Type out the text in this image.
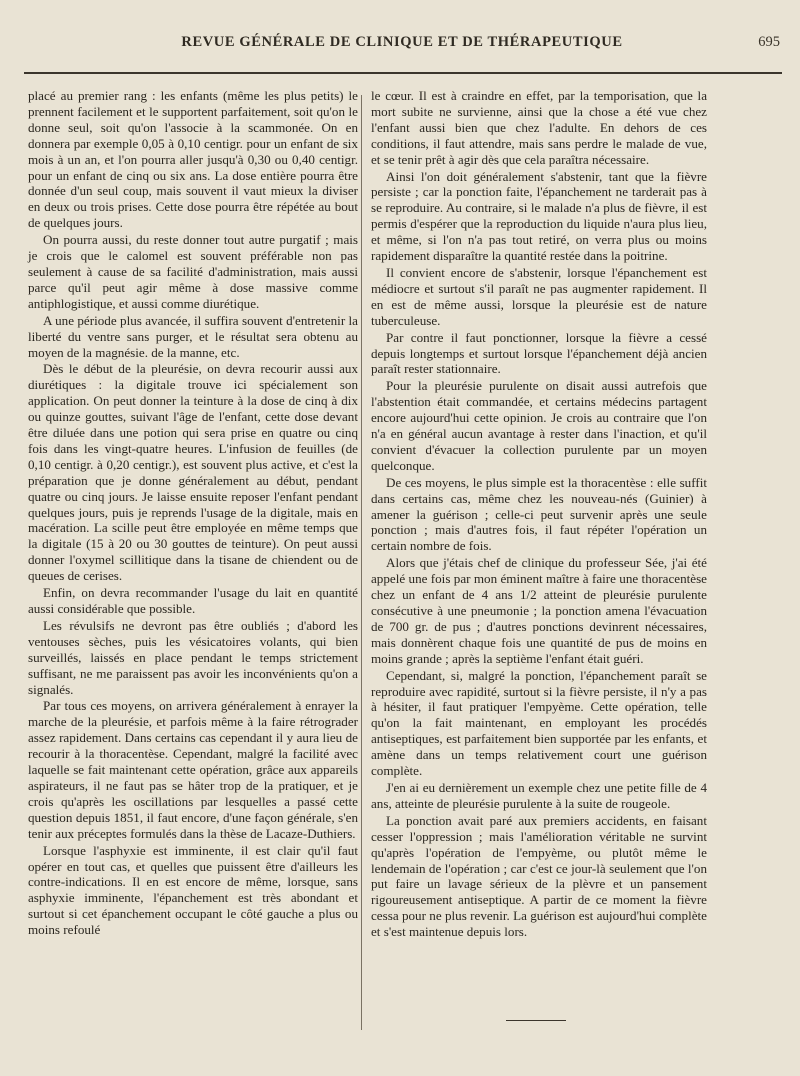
REVUE GÉNÉRALE DE CLINIQUE ET DE THÉRAPEUTIQUE	695

placé au premier rang : les enfants (même les plus petits) le prennent facilement et le supportent parfaitement, soit qu'on le donne seul, soit qu'on l'associe à la scammonée. On en donnera par exemple 0,05 à 0,10 centigr. pour un enfant de six mois à un an, et l'on pourra aller jusqu'à 0,30 ou 0,40 centigr. pour un enfant de cinq ou six ans. La dose entière pourra être donnée d'un seul coup, mais souvent il vaut mieux la diviser en deux ou trois prises. Cette dose pourra être répétée au bout de quelques jours.

On pourra aussi, du reste donner tout autre purgatif ; mais je crois que le calomel est souvent préférable non pas seulement à cause de sa facilité d'administration, mais aussi parce qu'il peut agir même à dose massive comme antiphlogistique, et aussi comme diurétique.

A une période plus avancée, il suffira souvent d'entretenir la liberté du ventre sans purger, et le résultat sera obtenu au moyen de la magnésie. de la manne, etc.

Dès le début de la pleurésie, on devra recourir aussi aux diurétiques : la digitale trouve ici spécialement son application. On peut donner la teinture à la dose de cinq à dix ou quinze gouttes, suivant l'âge de l'enfant, cette dose devant être diluée dans une potion qui sera prise en quatre ou cinq fois dans les vingt-quatre heures. L'infusion de feuilles (de 0,10 centigr. à 0,20 centigr.), est souvent plus active, et c'est la préparation que je donne généralement au début, pendant quatre ou cinq jours. Je laisse ensuite reposer l'enfant pendant quelques jours, puis je reprends l'usage de la digitale, mais en macération. La scille peut être employée en même temps que la digitale (15 à 20 ou 30 gouttes de teinture). On peut aussi donner l'oxymel scillitique dans la tisane de chiendent ou de queues de cerises.

Enfin, on devra recommander l'usage du lait en quantité aussi considérable que possible.

Les révulsifs ne devront pas être oubliés ; d'abord les ventouses sèches, puis les vésicatoires volants, qui bien surveillés, laissés en place pendant le temps strictement suffisant, ne me paraissent pas avoir les inconvénients qu'on a signalés.

Par tous ces moyens, on arrivera généralement à enrayer la marche de la pleurésie, et parfois même à la faire rétrograder assez rapidement. Dans certains cas cependant il y aura lieu de recourir à la thoracentèse. Cependant, malgré la facilité avec laquelle se fait maintenant cette opération, grâce aux appareils aspirateurs, il ne faut pas se hâter trop de la pratiquer, et je crois qu'après les oscillations par lesquelles a passé cette question depuis 1851, il faut encore, d'une façon générale, s'en tenir aux préceptes formulés dans la thèse de Lacaze-Duthiers.

Lorsque l'asphyxie est imminente, il est clair qu'il faut opérer en tout cas, et quelles que puissent être d'ailleurs les contre-indications. Il en est encore de même, lorsque, sans asphyxie imminente, l'épanchement est très abondant et surtout si cet épanchement occupant le côté gauche a plus ou moins refoulé

le cœur. Il est à craindre en effet, par la temporisation, que la mort subite ne survienne, ainsi que la chose a été vue chez l'enfant aussi bien que chez l'adulte. En dehors de ces conditions, il faut attendre, mais sans perdre le malade de vue, et se tenir prêt à agir dès que cela paraîtra nécessaire.

Ainsi l'on doit généralement s'abstenir, tant que la fièvre persiste ; car la ponction faite, l'épanchement ne tarderait pas à se reproduire. Au contraire, si le malade n'a plus de fièvre, il est permis d'espérer que la reproduction du liquide n'aura plus lieu, et même, si l'on n'a pas tout retiré, on verra plus ou moins rapidement disparaître la quantité restée dans la poitrine.

Il convient encore de s'abstenir, lorsque l'épanchement est médiocre et surtout s'il paraît ne pas augmenter rapidement. Il en est de même aussi, lorsque la pleurésie est de nature tuberculeuse.

Par contre il faut ponctionner, lorsque la fièvre a cessé depuis longtemps et surtout lorsque l'épanchement déjà ancien paraît rester stationnaire.

Pour la pleurésie purulente on disait aussi autrefois que l'abstention était commandée, et certains médecins partagent encore aujourd'hui cette opinion. Je crois au contraire que l'on n'a en général aucun avantage à rester dans l'inaction, et qu'il convient d'évacuer la collection purulente par un moyen quelconque.

De ces moyens, le plus simple est la thoracentèse : elle suffit dans certains cas, même chez les nouveau-nés (Guinier) à amener la guérison ; celle-ci peut survenir après une seule ponction ; mais d'autres fois, il faut répéter l'opération un certain nombre de fois.

Alors que j'étais chef de clinique du professeur Sée, j'ai été appelé une fois par mon éminent maître à faire une thoracentèse chez un enfant de 4 ans 1/2 atteint de pleurésie purulente consécutive à une pneumonie ; la ponction amena l'évacuation de 700 gr. de pus ; d'autres ponctions devinrent nécessaires, mais donnèrent chaque fois une quantité de pus de moins en moins grande ; après la septième l'enfant était guéri.

Cependant, si, malgré la ponction, l'épanchement paraît se reproduire avec rapidité, surtout si la fièvre persiste, il n'y a pas à hésiter, il faut pratiquer l'empyème. Cette opération, telle qu'on la fait maintenant, en employant les procédés antiseptiques, est parfaitement bien supportée par les enfants, et amène dans un temps relativement court une guérison complète.

J'en ai eu dernièrement un exemple chez une petite fille de 4 ans, atteinte de pleurésie purulente à la suite de rougeole.

La ponction avait paré aux premiers accidents, en faisant cesser l'oppression ; mais l'amélioration véritable ne survint qu'après l'opération de l'empyème, ou plutôt même le lendemain de l'opération ; car c'est ce jour-là seulement que l'on put faire un lavage sérieux de la plèvre et un pansement rigoureusement antiseptique. A partir de ce moment la fièvre cessa pour ne plus revenir. La guérison est aujourd'hui complète et s'est maintenue depuis lors.
